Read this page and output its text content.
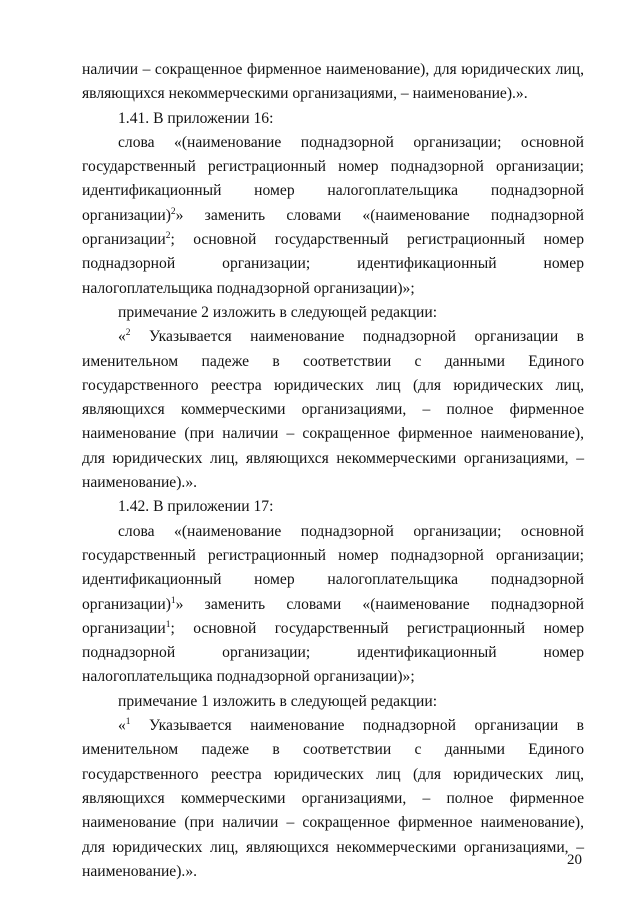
наличии – сокращенное фирменное наименование), для юридических лиц, являющихся некоммерческими организациями, – наименование).».

1.41. В приложении 16:

слова «(наименование поднадзорной организации; основной государственный регистрационный номер поднадзорной организации; идентификационный номер налогоплательщика поднадзорной организации)$^2$» заменить словами «(наименование поднадзорной организации$^2$; основной государственный регистрационный номер поднадзорной организации; идентификационный номер налогоплательщика поднадзорной организации)»;

примечание 2 изложить в следующей редакции:

«$^2$ Указывается наименование поднадзорной организации в именительном падеже в соответствии с данными Единого государственного реестра юридических лиц (для юридических лиц, являющихся коммерческими организациями, – полное фирменное наименование (при наличии – сокращенное фирменное наименование), для юридических лиц, являющихся некоммерческими организациями, – наименование).».

1.42. В приложении 17:

слова «(наименование поднадзорной организации; основной государственный регистрационный номер поднадзорной организации; идентификационный номер налогоплательщика поднадзорной организации)$^1$» заменить словами «(наименование поднадзорной организации$^1$; основной государственный регистрационный номер поднадзорной организации; идентификационный номер налогоплательщика поднадзорной организации)»;

примечание 1 изложить в следующей редакции:

«$^1$ Указывается наименование поднадзорной организации в именительном падеже в соответствии с данными Единого государственного реестра юридических лиц (для юридических лиц, являющихся коммерческими организациями, – полное фирменное наименование (при наличии – сокращенное фирменное наименование), для юридических лиц, являющихся некоммерческими организациями, – наименование).».

20
